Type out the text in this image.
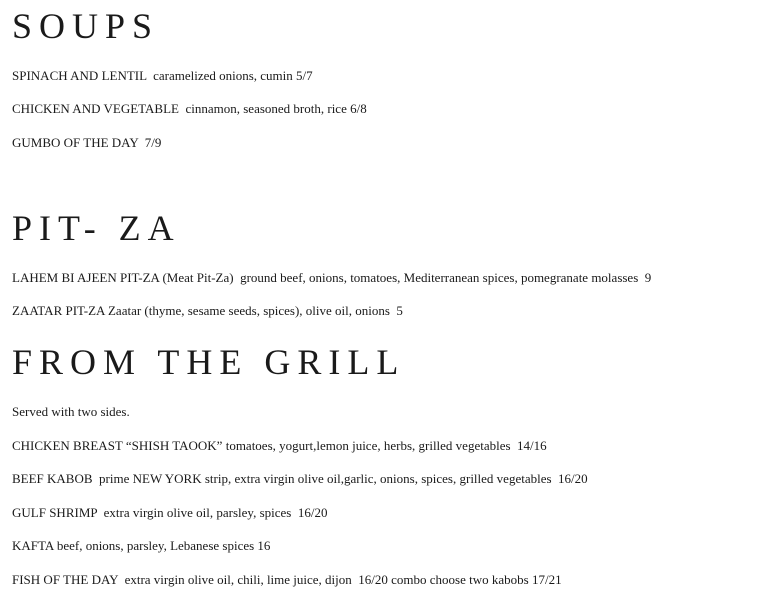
SOUPS

SPINACH AND LENTIL  caramelized onions, cumin 5/7

CHICKEN AND VEGETABLE  cinnamon, seasoned broth, rice 6/8

GUMBO OF THE DAY  7/9

PIT- ZA

LAHEM BI AJEEN PIT-ZA (Meat Pit-Za)  ground beef, onions, tomatoes, Mediterranean spices, pomegranate molasses  9

ZAATAR PIT-ZA Zaatar (thyme, sesame seeds, spices), olive oil, onions  5

FROM THE GRILL

Served with two sides.

CHICKEN BREAST “SHISH TAOOK” tomatoes, yogurt,lemon juice, herbs, grilled vegetables  14/16

BEEF KABOB  prime NEW YORK strip, extra virgin olive oil,garlic, onions, spices, grilled vegetables  16/20

GULF SHRIMP  extra virgin olive oil, parsley, spices  16/20

KAFTA beef, onions, parsley, Lebanese spices 16

FISH OF THE DAY  extra virgin olive oil, chili, lime juice, dijon  16/20 combo choose two kabobs 17/21
